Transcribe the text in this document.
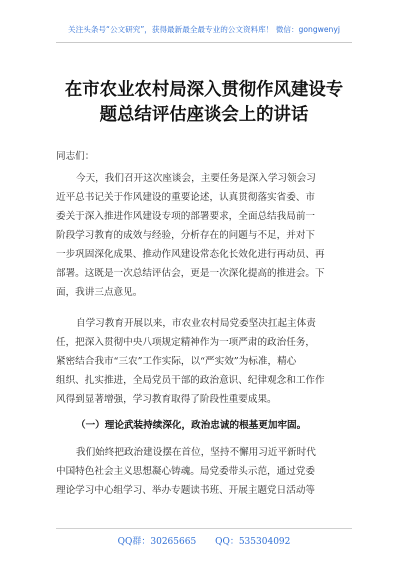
关注头条号“公文研究”，获得最新最全最专业的公文资料库！ 微信：gongwenyj
在市农业农村局深入贯彻作风建设专
题总结评估座谈会上的讲话
同志们：
今天，我们召开这次座谈会，主要任务是深入学习领会习
近平总书记关于作风建设的重要论述，认真贯彻落实省委、市
委关于深入推进作风建设专项的部署要求，全面总结我局前一
阶段学习教育的成效与经验，分析存在的问题与不足，并对下
一步巩固深化成果、推动作风建设常态化长效化进行再动员、再
部署。这既是一次总结评估会，更是一次深化提高的推进会。下
面，我讲三点意见。
自学习教育开展以来，市农业农村局党委坚决扛起主体责
任，把深入贯彻中央八项规定精神作为一项严肃的政治任务，
紧密结合我市“三农”工作实际，以“严实效”为标准，精心
组织、扎实推进，全局党员干部的政治意识、纪律观念和工作作
风得到显著增强，学习教育取得了阶段性重要成果。
（一）理论武装持续深化，政治忠诚的根基更加牢固。
我们始终把政治建设摆在首位，坚持不懈用习近平新时代
中国特色社会主义思想凝心铸魂。局党委带头示范，通过党委
理论学习中心组学习、举办专题读书班、开展主题党日活动等
QQ群：30265665 QQ：535304092
